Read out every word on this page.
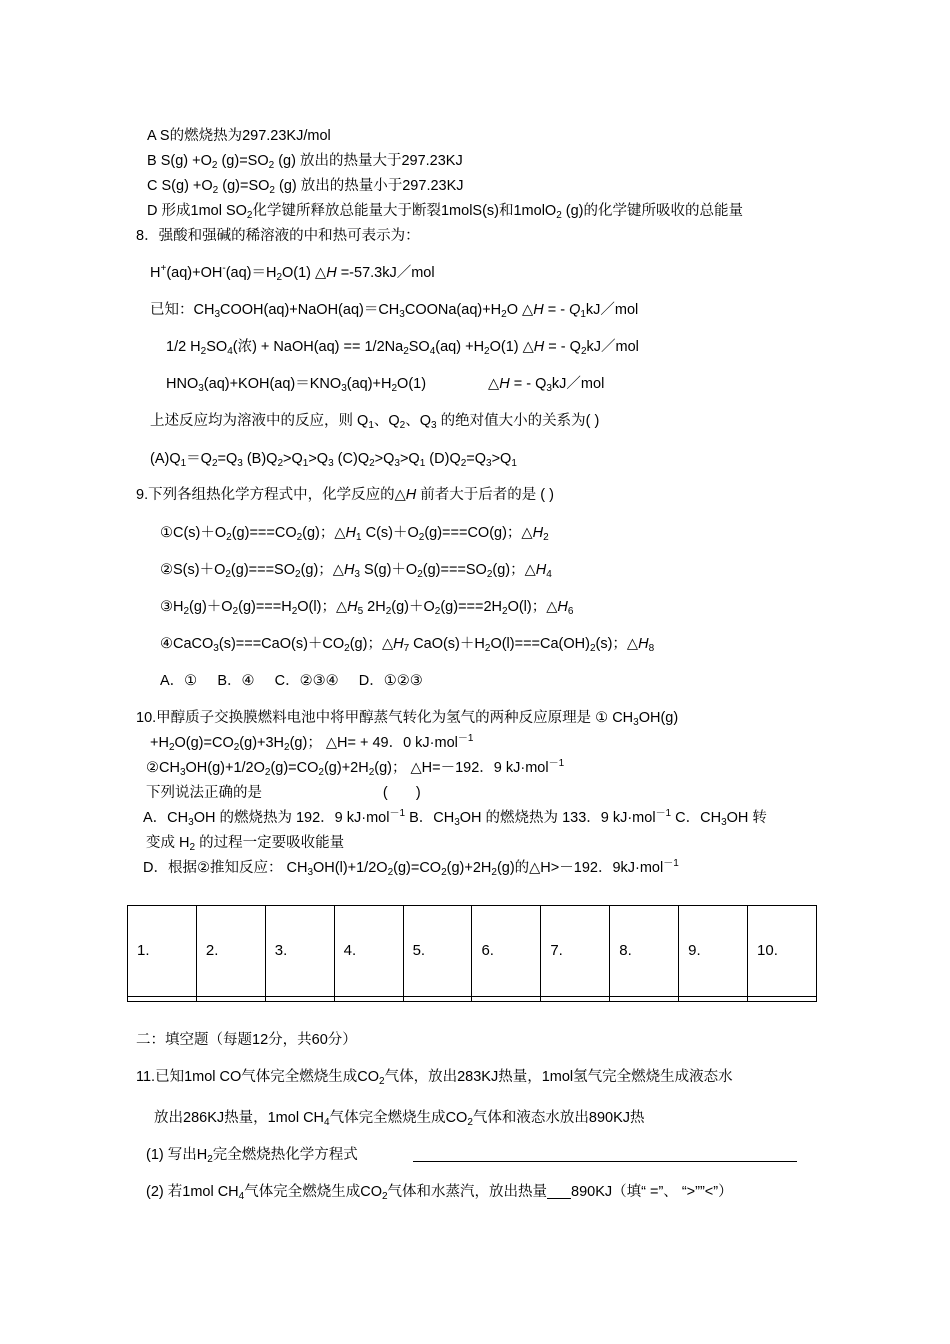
A S的燃烧热为297.23KJ/mol
B $S(g) +O_2$ $(g)=SO_2$ (g) 放出的热量大于297.23KJ
C $S(g) +O_2$ $(g)=SO_2$ (g) 放出的热量小于297.23KJ
D 形成1mol $SO_2$化学键所释放总能量大于断裂1molS(s)和1molO$_2$ (g)的化学键所吸收的总能量
8．强酸和强碱的稀溶液的中和热可表示为：
$H^+(aq)+OH^-(aq)=H_2O(1)$ △H =-57.3kJ／mol
已知：$CH_3COOH(aq)+NaOH(aq)=CH_3COONa(aq)+H_2O$ △H = - $Q_1kJ/mol$
1/2 $H_2SO_4$(浓) + NaOH(aq) == $1/2Na_2SO_4(aq) +H_2O(1)$ △H = - $Q_2kJ/mol$
$HNO_3(aq)+KOH(aq)=KNO_3(aq)+H_2O(1)$	△H = - $Q_3kJ/mol$
上述反应均为溶液中的反应，则 $Q_1$、$Q_2$、$Q_3$ 的绝对值大小的关系为( )
$(A)Q_1=Q_2=Q_3$ $(B)Q_2>Q_1>Q_3$ $(C)Q_2>Q_3>Q_1$ $(D)Q_2=Q_3>Q_1$
9.下列各组热化学方程式中，化学反应的△H 前者大于后者的是 ( )
$①C(s)+O_2(g)===CO_2(g)$；$\triangle H_1$ $C(s)+O_2(g)===CO(g)$；$\triangle H_2$
$②S(s)+O_2(g)===SO_2(g)$；$\triangle H_3$ $S(g)+O_2(g)===SO_2(g)$；$\triangle H_4$
$③H_2(g)+O_2(g)===H_2O(l)$；$\triangle H_5$ $2H_2(g)+O_2(g)===2H_2O(l)$；$\triangle H_6$
$④CaCO_3(s)===CaO(s)+CO_2(g)$；$\triangle H_7$ $CaO(s)+H_2O(l)===Ca(OH)_2(s)$；$\triangle H_8$
A．①     B．④     C．②③④     D．①②③
10.甲醇质子交换膜燃料电池中将甲醇蒸气转化为氢气的两种反应原理是 ① $CH_3OH(g)$
$+H_2O(g)=CO_2(g)+3H_2(g)$； △H= + 49．0 kJ·mol$^{-1}$
$②CH_3OH(g)+1/2O_2(g)=CO_2(g)+2H_2(g)$； △H=－192．9 kJ·mol$^{-1}$
下列说法正确的是                              (       )
A．$CH_3OH$ 的燃烧热为 192．9 kJ·mol$^{-1}$ B．$CH_3OH$ 的燃烧热为 133．9 kJ·mol$^{-1}$ C．$CH_3OH$ 转
变成 $H_2$ 的过程一定要吸收能量
D．根据②推知反应： $CH_3OH(l)+1/2O_2(g)=CO_2(g)+2H_2(g)$的△H>－192．9kJ·mol$^{-1}$
1.	2.	3.	4.	5.	6.	7.	8.	9.	10.

二：填空题（每题12分，共60分）
11.已知1mol CO气体完全燃烧生成$CO_2$气体，放出283KJ热量，1mol氢气完全燃烧生成液态水
放出286KJ热量，1mol $CH_4$气体完全燃烧生成$CO_2$气体和液态水放出890KJ热
(1) 写出$H_2$完全燃烧热化学方程式
(2) 若1mol $CH_4$气体完全燃烧生成$CO_2$气体和水蒸汽，放出热量 890KJ（填“ =”、 “>””<”）
